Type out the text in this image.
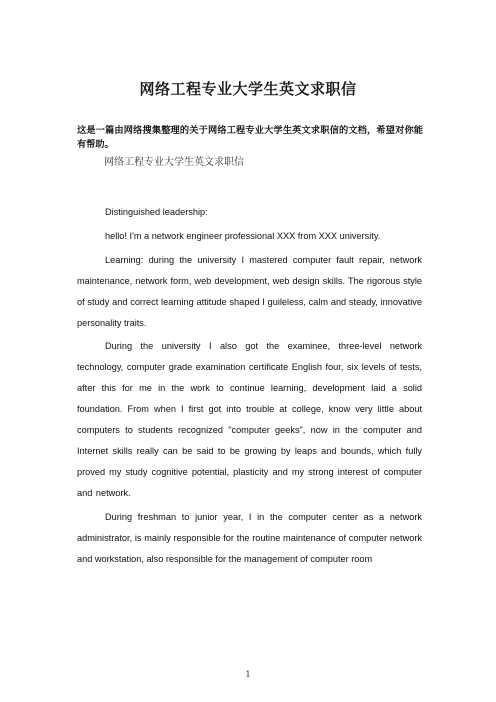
网络工程专业大学生英文求职信
这是一篇由网络搜集整理的关于网络工程专业大学生英文求职信的文档，希望对你能有帮助。
网络工程专业大学生英文求职信

Distinguished leadership:

hello! I'm a network engineer professional XXX from XXX university.

Learning: during the university I mastered computer fault repair, network maintenance, network form, web development, web design skills. The rigorous style of study and correct learning attitude shaped I guileless, calm and steady, innovative personality traits.

During the university I also got the examinee, three-level network technology, computer grade examination certificate English four, six levels of tests, after this for me in the work to continue learning, development laid a solid foundation. From when I first got into trouble at college, know very little about computers to students recognized "computer geeks", now in the computer and Internet skills really can be said to be growing by leaps and bounds, which fully proved my study cognitive potential, plasticity and my strong interest of computer and network.

During freshman to junior year, I in the computer center as a network administrator, is mainly responsible for the routine maintenance of computer network and workstation, also responsible for the management of computer room

1
